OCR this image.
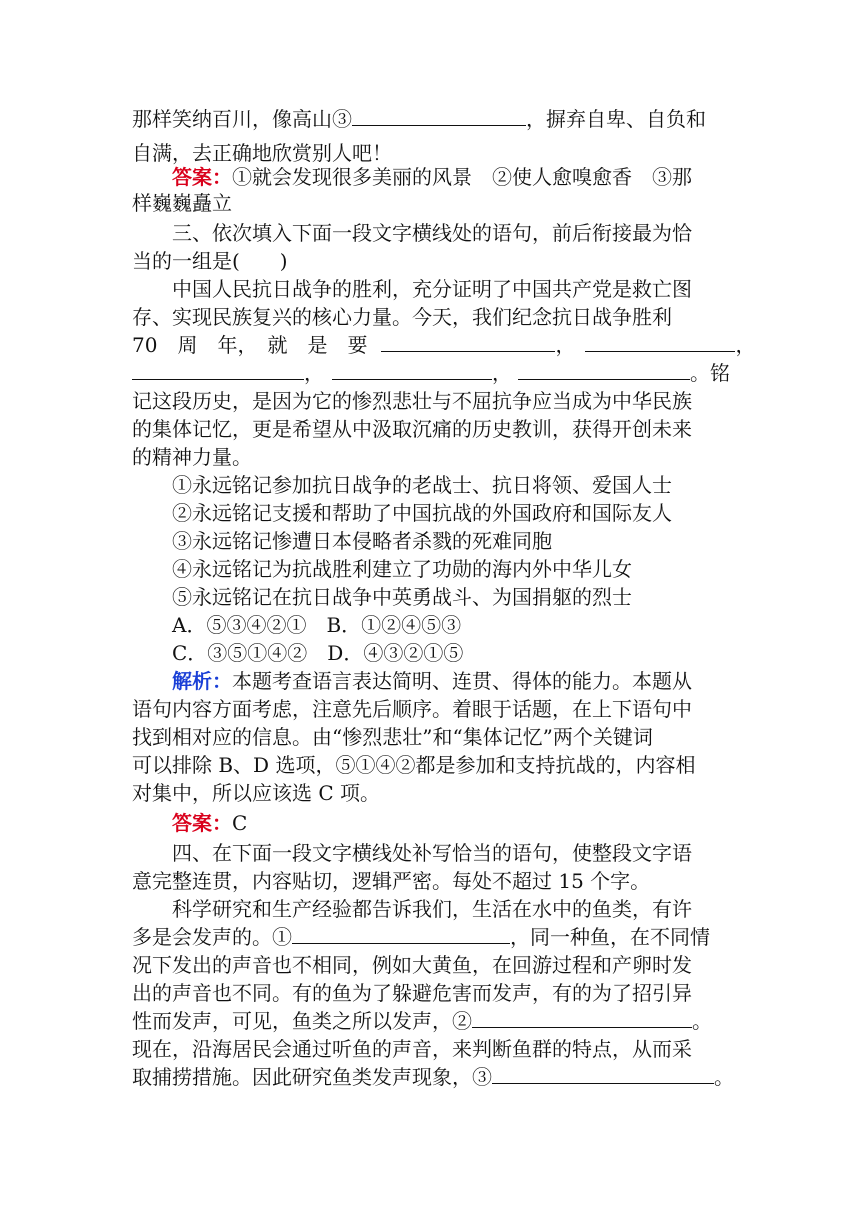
那样笑纳百川，像高山③	，摒弃自卑、自负和
自满，去正确地欣赏别人吧！
答案：①就会发现很多美丽的风景　②使人愈嗅愈香　③那
样巍巍矗立
三、依次填入下面一段文字横线处的语句，前后衔接最为恰
当的一组是(　　)
中国人民抗日战争的胜利，充分证明了中国共产党是救亡图
存、实现民族复兴的核心力量。今天，我们纪念抗日战争胜利
70　周　年，　就　是　要	，	，
，	，	。铭
记这段历史，是因为它的惨烈悲壮与不屈抗争应当成为中华民族
的集体记忆，更是希望从中汲取沉痛的历史教训，获得开创未来
的精神力量。
①永远铭记参加抗日战争的老战士、抗日将领、爱国人士
②永远铭记支援和帮助了中国抗战的外国政府和国际友人
③永远铭记惨遭日本侵略者杀戮的死难同胞
④永远铭记为抗战胜利建立了功勋的海内外中华儿女
⑤永远铭记在抗日战争中英勇战斗、为国捐躯的烈士
A．⑤③④②①　B．①②④⑤③
C．③⑤①④②　D．④③②①⑤
解析：本题考查语言表达简明、连贯、得体的能力。本题从
语句内容方面考虑，注意先后顺序。着眼于话题，在上下语句中
找到相对应的信息。由“惨烈悲壮”和“集体记忆”两个关键词
可以排除 B、D 选项，⑤①④②都是参加和支持抗战的，内容相
对集中，所以应该选 C 项。
答案：C
四、在下面一段文字横线处补写恰当的语句，使整段文字语
意完整连贯，内容贴切，逻辑严密。每处不超过 15 个字。
科学研究和生产经验都告诉我们，生活在水中的鱼类，有许
多是会发声的。①	，同一种鱼，在不同情
况下发出的声音也不相同，例如大黄鱼，在回游过程和产卵时发
出的声音也不同。有的鱼为了躲避危害而发声，有的为了招引异
性而发声，可见，鱼类之所以发声，②	。
现在，沿海居民会通过听鱼的声音，来判断鱼群的特点，从而采
取捕捞措施。因此研究鱼类发声现象，③	。
